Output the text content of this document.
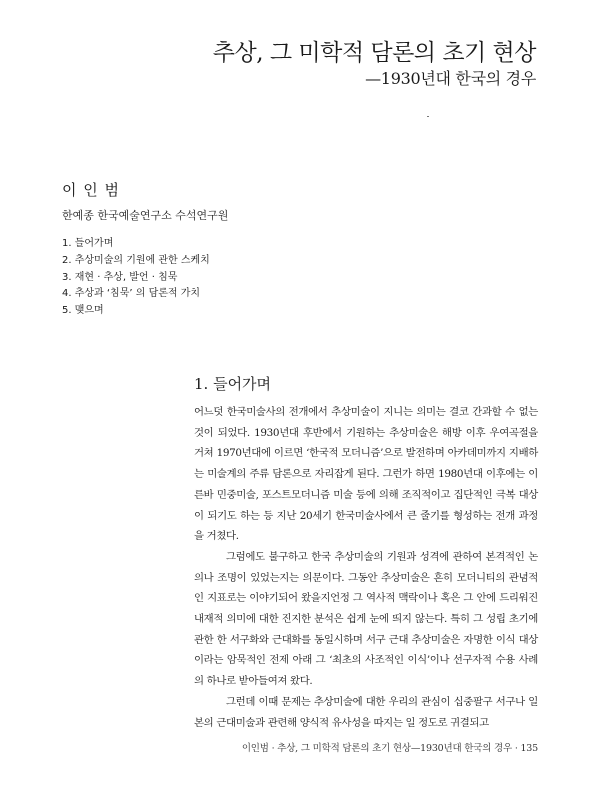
추상, 그 미학적 담론의 초기 현상

—1930년대 한국의 경우

이 인 범

한예종 한국예술연구소 수석연구원

1. 들어가며
2. 추상미술의 기원에 관한 스케치
3. 재현 · 추상, 발언 · 침묵
4. 추상과 ‘침묵’ 의 담론적 가치
5. 맺으며
1. 들어가며

어느덧 한국미술사의 전개에서 추상미술이 지니는 의미는 결코 간과할 수 없는 것이 되었다. 1930년대 후반에서 기원하는 추상미술은 해방 이후 우여곡절을 거쳐 1970년대에 이르면 ‘한국적 모더니즘’으로 발전하며 아카데미까지 지배하는 미술계의 주류 담론으로 자리잡게 된다. 그런가 하면 1980년대 이후에는 이른바 민중미술, 포스트모더니즘 미술 등에 의해 조직적이고 집단적인 극복 대상이 되기도 하는 등 지난 20세기 한국미술사에서 큰 줄기를 형성하는 전개 과정을 거쳤다.

그럼에도 불구하고 한국 추상미술의 기원과 성격에 관하여 본격적인 논의나 조명이 있었는지는 의문이다. 그동안 추상미술은 흔히 모더니티의 관념적인 지표로는 이야기되어 왔을지언정 그 역사적 맥락이나 혹은 그 안에 드리워진 내재적 의미에 대한 진지한 분석은 쉽게 눈에 띄지 않는다. 특히 그 성립 초기에 관한 한 서구화와 근대화를 동일시하며 서구 근대 추상미술은 자명한 이식 대상이라는 암묵적인 전제 아래 그 ‘최초의 사조적인 이식’이나 선구자적 수용 사례의 하나로 받아들여져 왔다.

그런데 이때 문제는 추상미술에 대한 우리의 관심이 십중팔구 서구나 일본의 근대미술과 관련해 양식적 유사성을 따지는 일 정도로 귀결되고

이인범 · 추상, 그 미학적 담론의 초기 현상—1930년대 한국의 경우 · 135
